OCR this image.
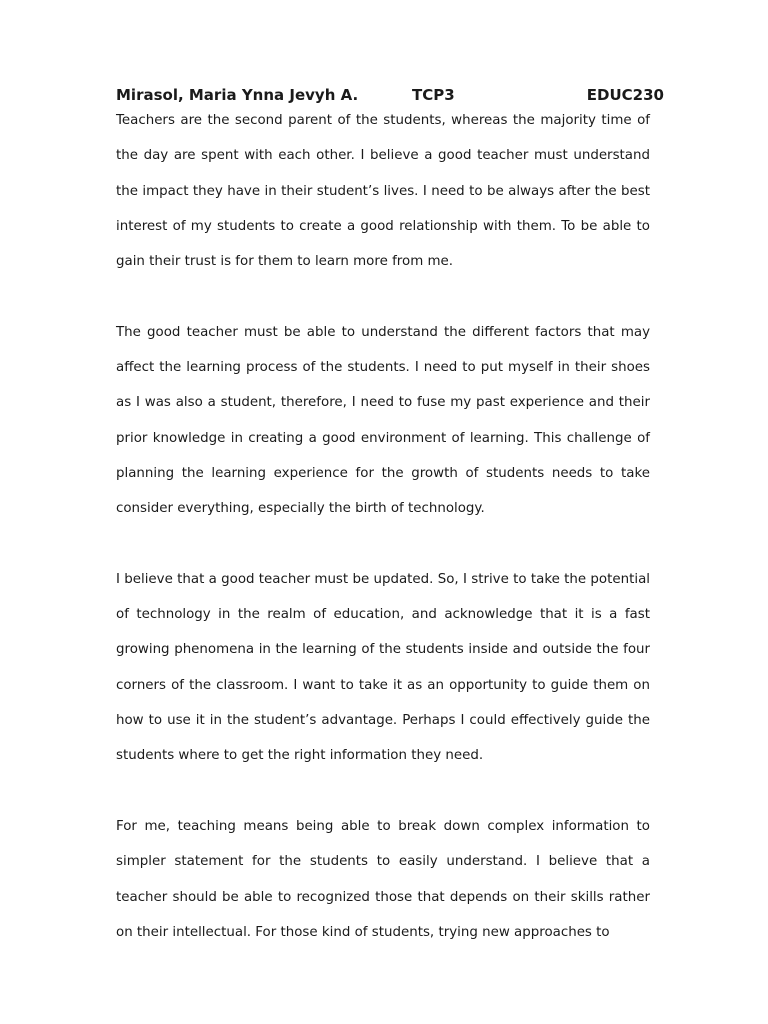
Mirasol, Maria Ynna Jevyh A.	TCP3	EDUC230

Teachers are the second parent of the students, whereas the majority time of the day are spent with each other. I believe a good teacher must understand the impact they have in their student’s lives. I need to be always after the best interest of my students to create a good relationship with them. To be able to gain their trust is for them to learn more from me.

The good teacher must be able to understand the different factors that may affect the learning process of the students. I need to put myself in their shoes as I was also a student, therefore, I need to fuse my past experience and their prior knowledge in creating a good environment of learning. This challenge of planning the learning experience for the growth of students needs to take consider everything, especially the birth of technology.

I believe that a good teacher must be updated. So, I strive to take the potential of technology in the realm of education, and acknowledge that it is a fast growing phenomena in the learning of the students inside and outside the four corners of the classroom. I want to take it as an opportunity to guide them on how to use it in the student’s advantage. Perhaps I could effectively guide the students where to get the right information they need.

For me, teaching means being able to break down complex information to simpler statement for the students to easily understand. I believe that a teacher should be able to recognized those that depends on their skills rather on their intellectual. For those kind of students, trying new approaches to
